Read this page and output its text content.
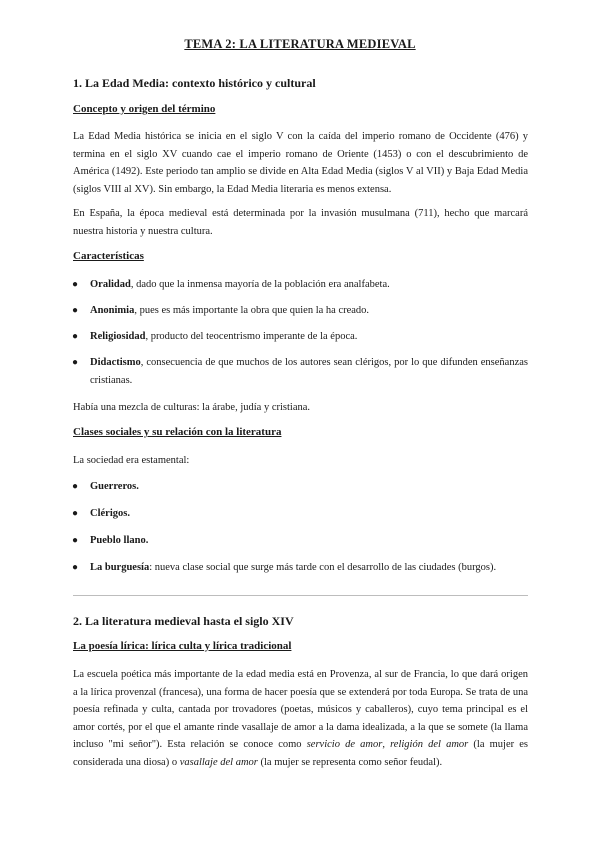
TEMA 2: LA LITERATURA MEDIEVAL
1. La Edad Media: contexto histórico y cultural
Concepto y origen del término
La Edad Media histórica se inicia en el siglo V con la caída del imperio romano de Occidente (476) y termina en el siglo XV cuando cae el imperio romano de Oriente (1453) o con el descubrimiento de América (1492). Este periodo tan amplio se divide en Alta Edad Media (siglos V al VII) y Baja Edad Media (siglos VIII al XV). Sin embargo, la Edad Media literaria es menos extensa.
En España, la época medieval está determinada por la invasión musulmana (711), hecho que marcará nuestra historia y nuestra cultura.
Características
● Oralidad, dado que la inmensa mayoría de la población era analfabeta.
● Anonimia, pues es más importante la obra que quien la ha creado.
● Religiosidad, producto del teocentrismo imperante de la época.
● Didactismo, consecuencia de que muchos de los autores sean clérigos, por lo que difunden enseñanzas cristianas.
Había una mezcla de culturas: la árabe, judía y cristiana.
Clases sociales y su relación con la literatura
La sociedad era estamental:
● Guerreros.
● Clérigos.
● Pueblo llano.
● La burguesía: nueva clase social que surge más tarde con el desarrollo de las ciudades (burgos).
2. La literatura medieval hasta el siglo XIV
La poesía lírica: lírica culta y lírica tradicional
La escuela poética más importante de la edad media está en Provenza, al sur de Francia, lo que dará origen a la lírica provenzal (francesa), una forma de hacer poesía que se extenderá por toda Europa. Se trata de una poesía refinada y culta, cantada por trovadores (poetas, músicos y caballeros), cuyo tema principal es el amor cortés, por el que el amante rinde vasallaje de amor a la dama idealizada, a la que se somete (la llama incluso "mi señor"). Esta relación se conoce como servicio de amor, religión del amor (la mujer es considerada una diosa) o vasallaje del amor (la mujer se representa como señor feudal).
